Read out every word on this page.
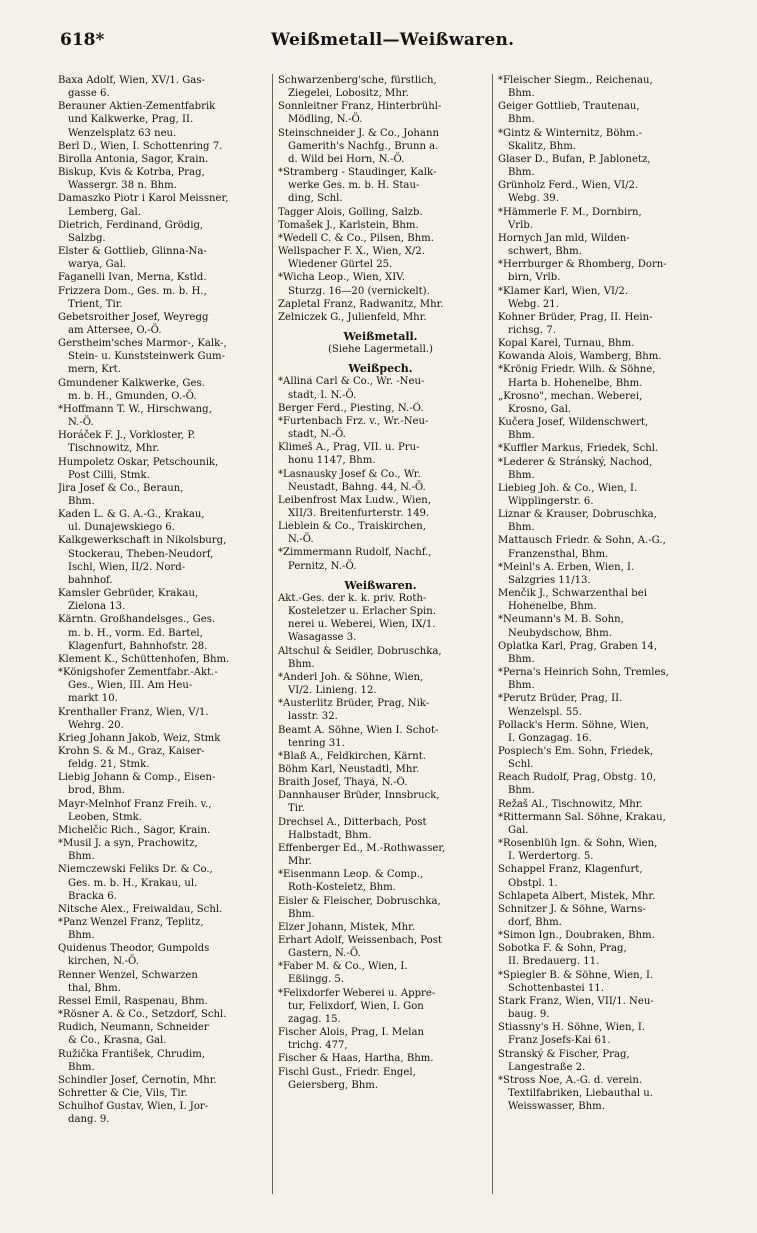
618*	Weißmetall—Weißwaren.
Baxa Adolf, Wien, XV/1. Gas-
gasse 6.
Berauner Aktien-Zementfabrik
und Kalkwerke, Prag, II.
Wenzelsplatz 63 neu.
Berl D., Wien, I. Schottenring 7.
Birolla Antonia, Sagor, Krain.
Biskup, Kvis & Kotrba, Prag,
Wassergr. 38 n. Bhm.
Damaszko Piotr i Karol Meissner,
Lemberg, Gal.
Dietrich, Ferdinand, Grödig,
Salzbg.
Elster & Gottlieb, Glinna-Na-
warya, Gal.
Faganelli Ivan, Merna, Kstld.
Frizzera Dom., Ges. m. b. H.,
Trient, Tir.
Gebetsroither Josef, Weyregg
am Attersee, O.-Ö.
Gerstheim'sches Marmor-, Kalk-,
Stein- u. Kunststeinwerk Gum-
mern, Krt.
Gmundener Kalkwerke, Ges.
m. b. H., Gmunden, O.-Ö.
*Hoffmann T. W., Hirschwang,
N.-Ö.
Horáček F. J., Vorkloster, P.
Tischnowitz, Mhr.
Humpoletz Oskar, Petschounik,
Post Cilli, Stmk.
Jira Josef & Co., Beraun,
Bhm.
Kaden L. & G. A.-G., Krakau,
ul. Dunajewskiego 6.
Kalkgewerkschaft in Nikolsburg,
Stockerau, Theben-Neudorf,
Ischl, Wien, II/2. Nord-
bahnhof.
Kamsler Gebrüder, Krakau,
Zielona 13.
Kärntn. Großhandelsges., Ges.
m. b. H., vorm. Ed. Bartel,
Klagenfurt, Bahnhofstr. 28.
Klement K., Schüttenhofen, Bhm.
*Königshofer Zementfabr.-Akt.-
Ges., Wien, III. Am Heu-
markt 10.
Krenthaller Franz, Wien, V/1.
Wehrg. 20.
Krieg Johann Jakob, Weiz, Stmk
Krohn S. & M., Graz, Kaiser-
feldg. 21, Stmk.
Liebig Johann & Comp., Eisen-
brod, Bhm.
Mayr-Melnhof Franz Freih. v.,
Leoben, Stmk.
Michelčic Rich., Sagor, Krain.
*Musil J. a syn, Prachowitz,
Bhm.
Niemczewski Feliks Dr. & Co.,
Ges. m. b. H., Krakau, ul.
Bracka 6.
Nitsche Alex., Freiwaldau, Schl.
*Panz Wenzel Franz, Teplitz,
Bhm.
Quidenus Theodor, Gumpolds
kirchen, N.-Ö.
Renner Wenzel, Schwarzen
thal, Bhm.
Ressel Emil, Raspenau, Bhm.
*Rösner A. & Co., Setzdorf, Schl.
Rudich, Neumann, Schneider
& Co., Krasna, Gal.
Ružička František, Chrudim,
Bhm.
Schindler Josef, Černotin, Mhr.
Schretter & Cie, Vils, Tir.
Schulhof Gustav, Wien, I. Jor-
dang. 9.
Schwarzenberg'sche, fürstlich,
Ziegelei, Lobositz, Mhr.
Sonnleitner Franz, Hinterbrühl-
Mödling, N.-Ö.
Steinschneider J. & Co., Johann
Gamerith's Nachfg., Brunn a.
d. Wild bei Horn, N.-Ö.
*Stramberg - Staudinger, Kalk-
werke Ges. m. b. H. Stau-
ding, Schl.
Tagger Alois, Golling, Salzb.
Tomašek J., Karlstein, Bhm.
*Wedell C. & Co., Pilsen, Bhm.
Wellspacher F. X., Wien, X/2.
Wiedener Gürtel 25.
*Wicha Leop., Wien, XIV.
Sturzg. 16—20 (vernickelt).
Zapletal Franz, Radwanitz, Mhr.
Zelniczek G., Julienfeld, Mhr.
Weißmetall.
(Siehe Lagermetall.)
Weißpech.
*Allina Carl & Co., Wr. -Neu-
stadt, I. N.-Ö.
Berger Ferd., Piesting, N.-Ö.
*Furtenbach Frz. v., Wr.-Neu-
stadt, N.-Ö.
Klimeš A., Prag, VII. u. Pru-
honu 1147, Bhm.
*Lasnausky Josef & Co., Wr.
Neustadt, Bahng. 44, N.-Ö.
Leibenfrost Max Ludw., Wien,
XII/3. Breitenfurterstr. 149.
Lieblein & Co., Traiskirchen,
N.-Ö.
*Zimmermann Rudolf, Nachf.,
Pernitz, N.-Ö.
Weißwaren.
Akt.-Ges. der k. k. priv. Roth-
Kosteletzer u. Erlacher Spin.
nerei u. Weberei, Wien, IX/1.
Wasagasse 3.
Altschul & Seidler, Dobruschka,
Bhm.
*Anderl Joh. & Söhne, Wien,
VI/2. Linieng. 12.
*Austerlitz Brüder, Prag, Nik-
lasstr. 32.
Beamt A. Söhne, Wien I. Schot-
tenring 31.
*Blaß A., Feldkirchen, Kärnt.
Böhm Karl, Neustadtl, Mhr.
Braith Josef, Thaya, N.-Ö.
Dannhauser Brüder, Innsbruck,
Tir.
Drechsel A., Ditterbach, Post
Halbstadt, Bhm.
Effenberger Ed., M.-Rothwasser,
Mhr.
*Eisenmann Leop. & Comp.,
Roth-Kosteletz, Bhm.
Eisler & Fleischer, Dobruschka,
Bhm.
Elzer Johann, Mistek, Mhr.
Erhart Adolf, Weissenbach, Post
Gastern, N.-Ö.
*Faber M. & Co., Wien, I.
Eßlingg. 5.
*Felixdorfer Weberei u. Appre-
tur, Felixdorf, Wien, I. Gon
zagag. 15.
Fischer Alois, Prag, I. Melan
trichg. 477,
Fischer & Haas, Hartha, Bhm.
Fischl Gust., Friedr. Engel,
Geiersberg, Bhm.
*Fleischer Siegm., Reichenau,
Bhm.
Geiger Gottlieb, Trautenau,
Bhm.
*Gintz & Winternitz, Böhm.-
Skalitz, Bhm.
Glaser D., Bufan, P. Jablonetz,
Bhm.
Grünholz Ferd., Wien, VI/2.
Webg. 39.
*Hämmerle F. M., Dornbirn,
Vrlb.
Hornych Jan mld, Wilden-
schwert, Bhm.
*Herrburger & Rhomberg, Dorn-
birn, Vrlb.
*Klamer Karl, Wien, VI/2.
Webg. 21.
Kohner Brüder, Prag, II. Hein-
richsg. 7.
Kopal Karel, Turnau, Bhm.
Kowanda Alois, Wamberg, Bhm.
*Krönig Friedr. Wilh. & Söhne,
Harta b. Hohenelbe, Bhm.
„Krosno", mechan. Weberei,
Krosno, Gal.
Kučera Josef, Wildenschwert,
Bhm.
*Kuffler Markus, Friedek, Schl.
*Lederer & Stránský, Nachod,
Bhm.
Liebieg Joh. & Co., Wien, I.
Wipplingerstr. 6.
Liznar & Krauser, Dobruschka,
Bhm.
Mattausch Friedr. & Sohn, A.-G.,
Franzensthal, Bhm.
*Meinl's A. Erben, Wien, I.
Salzgries 11/13.
Menčik J., Schwarzenthal bei
Hohenelbe, Bhm.
*Neumann's M. B. Sohn,
Neubydschow, Bhm.
Oplatka Karl, Prag, Graben 14,
Bhm.
*Perna's Heinrich Sohn, Tremles,
Bhm.
*Perutz Brüder, Prag, II.
Wenzelspl. 55.
Pollack's Herm. Söhne, Wien,
I. Gonzagag. 16.
Pospiech's Em. Sohn, Friedek,
Schl.
Reach Rudolf, Prag, Obstg. 10,
Bhm.
Režaš Al., Tischnowitz, Mhr.
*Rittermann Sal. Söhne, Krakau,
Gal.
*Rosenblüh Ign. & Sohn, Wien,
I. Werdertorg. 5.
Schappel Franz, Klagenfurt,
Obstpl. 1.
Schlapeta Albert, Mistek, Mhr.
Schnitzer J. & Söhne, Warns-
dorf, Bhm.
*Simon Ign., Doubraken, Bhm.
Sobotka F. & Sohn, Prag,
II. Bredauerg. 11.
*Spiegler B. & Söhne, Wien, I.
Schottenbastei 11.
Stark Franz, Wien, VII/1. Neu-
baug. 9.
Stiassny's H. Söhne, Wien, I.
Franz Josefs-Kai 61.
Stranský & Fischer, Prag,
Langestraße 2.
*Stross Noe, A.-G. d. verein.
Textilfabriken, Liebauthal u.
Weisswasser, Bhm.
